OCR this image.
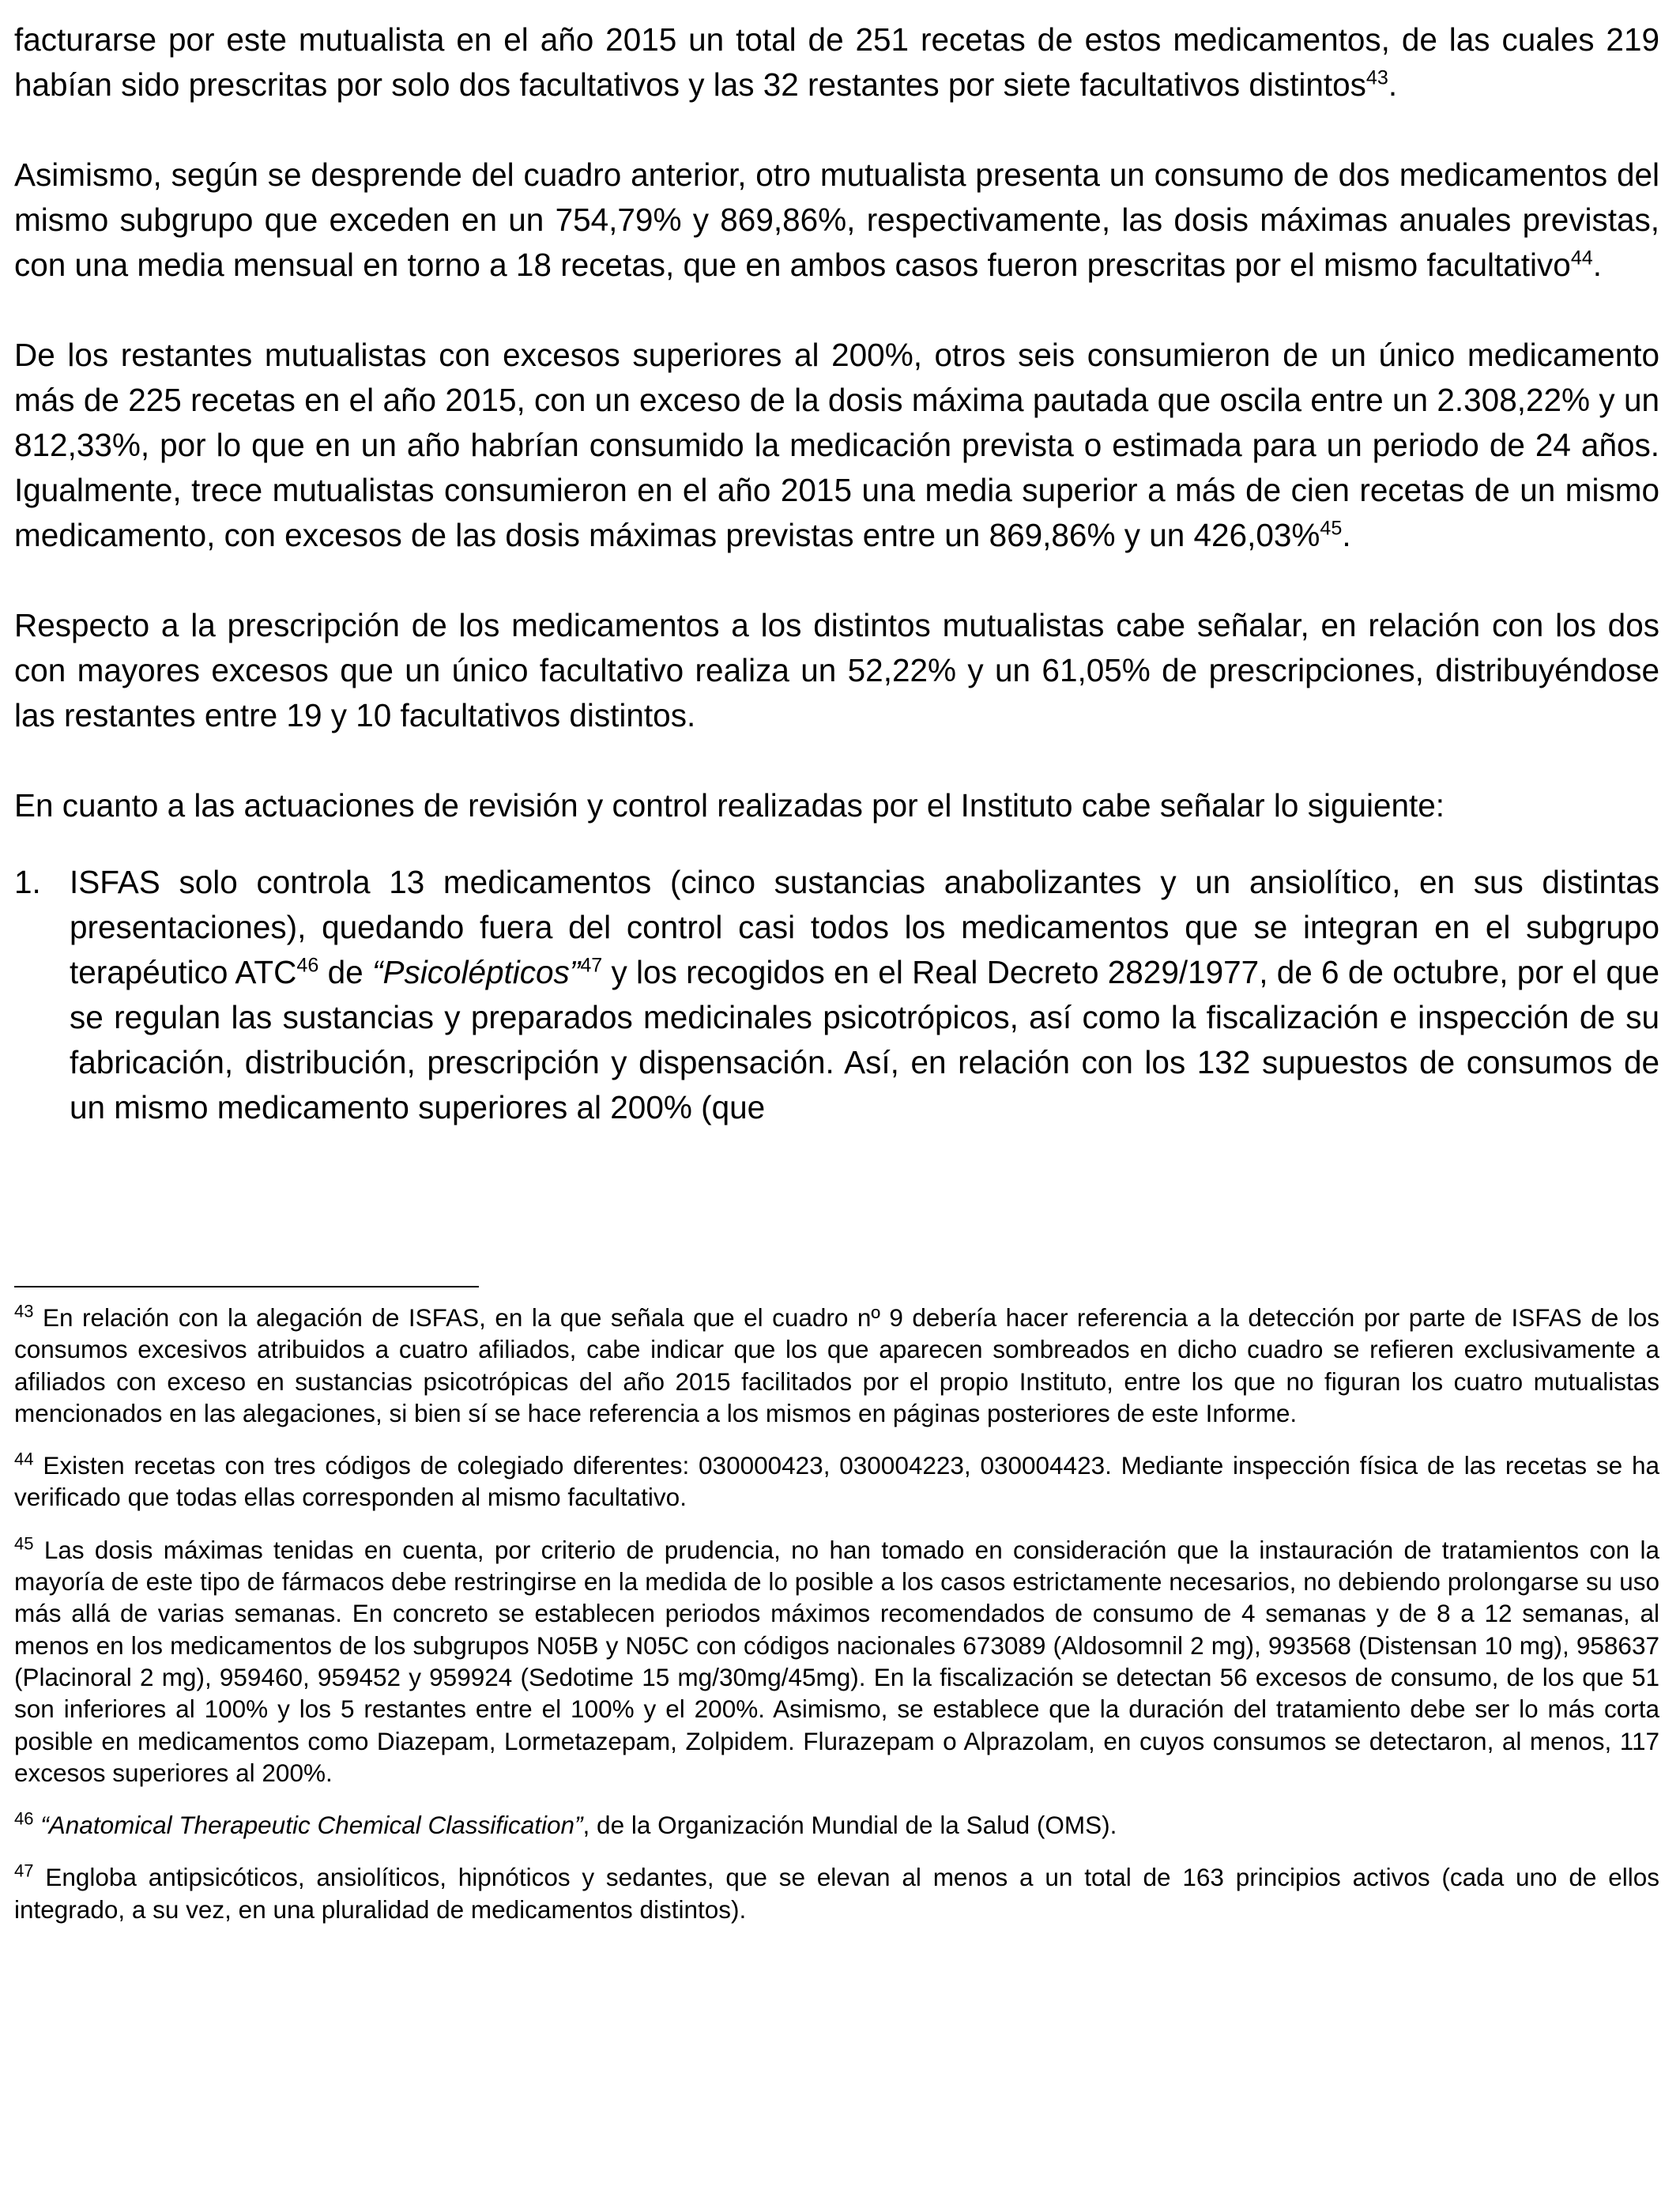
facturarse por este mutualista en el año 2015 un total de 251 recetas de estos medicamentos, de las cuales 219 habían sido prescritas por solo dos facultativos y las 32 restantes por siete facultativos distintos$^{43}$.

Asimismo, según se desprende del cuadro anterior, otro mutualista presenta un consumo de dos medicamentos del mismo subgrupo que exceden en un 754,79% y 869,86%, respectivamente, las dosis máximas anuales previstas, con una media mensual en torno a 18 recetas, que en ambos casos fueron prescritas por el mismo facultativo$^{44}$.

De los restantes mutualistas con excesos superiores al 200%, otros seis consumieron de un único medicamento más de 225 recetas en el año 2015, con un exceso de la dosis máxima pautada que oscila entre un 2.308,22% y un 812,33%, por lo que en un año habrían consumido la medicación prevista o estimada para un periodo de 24 años. Igualmente, trece mutualistas consumieron en el año 2015 una media superior a más de cien recetas de un mismo medicamento, con excesos de las dosis máximas previstas entre un 869,86% y un 426,03%$^{45}$.

Respecto a la prescripción de los medicamentos a los distintos mutualistas cabe señalar, en relación con los dos con mayores excesos que un único facultativo realiza un 52,22% y un 61,05% de prescripciones, distribuyéndose las restantes entre 19 y 10 facultativos distintos.

En cuanto a las actuaciones de revisión y control realizadas por el Instituto cabe señalar lo siguiente:

1. ISFAS solo controla 13 medicamentos (cinco sustancias anabolizantes y un ansiolítico, en sus distintas presentaciones), quedando fuera del control casi todos los medicamentos que se integran en el subgrupo terapéutico ATC$^{46}$ de “Psicolépticos”$^{47}$ y los recogidos en el Real Decreto 2829/1977, de 6 de octubre, por el que se regulan las sustancias y preparados medicinales psicotrópicos, así como la fiscalización e inspección de su fabricación, distribución, prescripción y dispensación. Así, en relación con los 132 supuestos de consumos de un mismo medicamento superiores al 200% (que

$^{43}$ En relación con la alegación de ISFAS, en la que señala que el cuadro nº 9 debería hacer referencia a la detección por parte de ISFAS de los consumos excesivos atribuidos a cuatro afiliados, cabe indicar que los que aparecen sombreados en dicho cuadro se refieren exclusivamente a afiliados con exceso en sustancias psicotrópicas del año 2015 facilitados por el propio Instituto, entre los que no figuran los cuatro mutualistas mencionados en las alegaciones, si bien sí se hace referencia a los mismos en páginas posteriores de este Informe.

$^{44}$ Existen recetas con tres códigos de colegiado diferentes: 030000423, 030004223, 030004423. Mediante inspección física de las recetas se ha verificado que todas ellas corresponden al mismo facultativo.

$^{45}$ Las dosis máximas tenidas en cuenta, por criterio de prudencia, no han tomado en consideración que la instauración de tratamientos con la mayoría de este tipo de fármacos debe restringirse en la medida de lo posible a los casos estrictamente necesarios, no debiendo prolongarse su uso más allá de varias semanas. En concreto se establecen periodos máximos recomendados de consumo de 4 semanas y de 8 a 12 semanas, al menos en los medicamentos de los subgrupos N05B y N05C con códigos nacionales 673089 (Aldosomnil 2 mg), 993568 (Distensan 10 mg), 958637 (Placinoral 2 mg), 959460, 959452 y 959924 (Sedotime 15 mg/30mg/45mg). En la fiscalización se detectan 56 excesos de consumo, de los que 51 son inferiores al 100% y los 5 restantes entre el 100% y el 200%. Asimismo, se establece que la duración del tratamiento debe ser lo más corta posible en medicamentos como Diazepam, Lormetazepam, Zolpidem. Flurazepam o Alprazolam, en cuyos consumos se detectaron, al menos, 117 excesos superiores al 200%.

$^{46}$ “Anatomical Therapeutic Chemical Classification”, de la Organización Mundial de la Salud (OMS).

$^{47}$ Engloba antipsicóticos, ansiolíticos, hipnóticos y sedantes, que se elevan al menos a un total de 163 principios activos (cada uno de ellos integrado, a su vez, en una pluralidad de medicamentos distintos).
